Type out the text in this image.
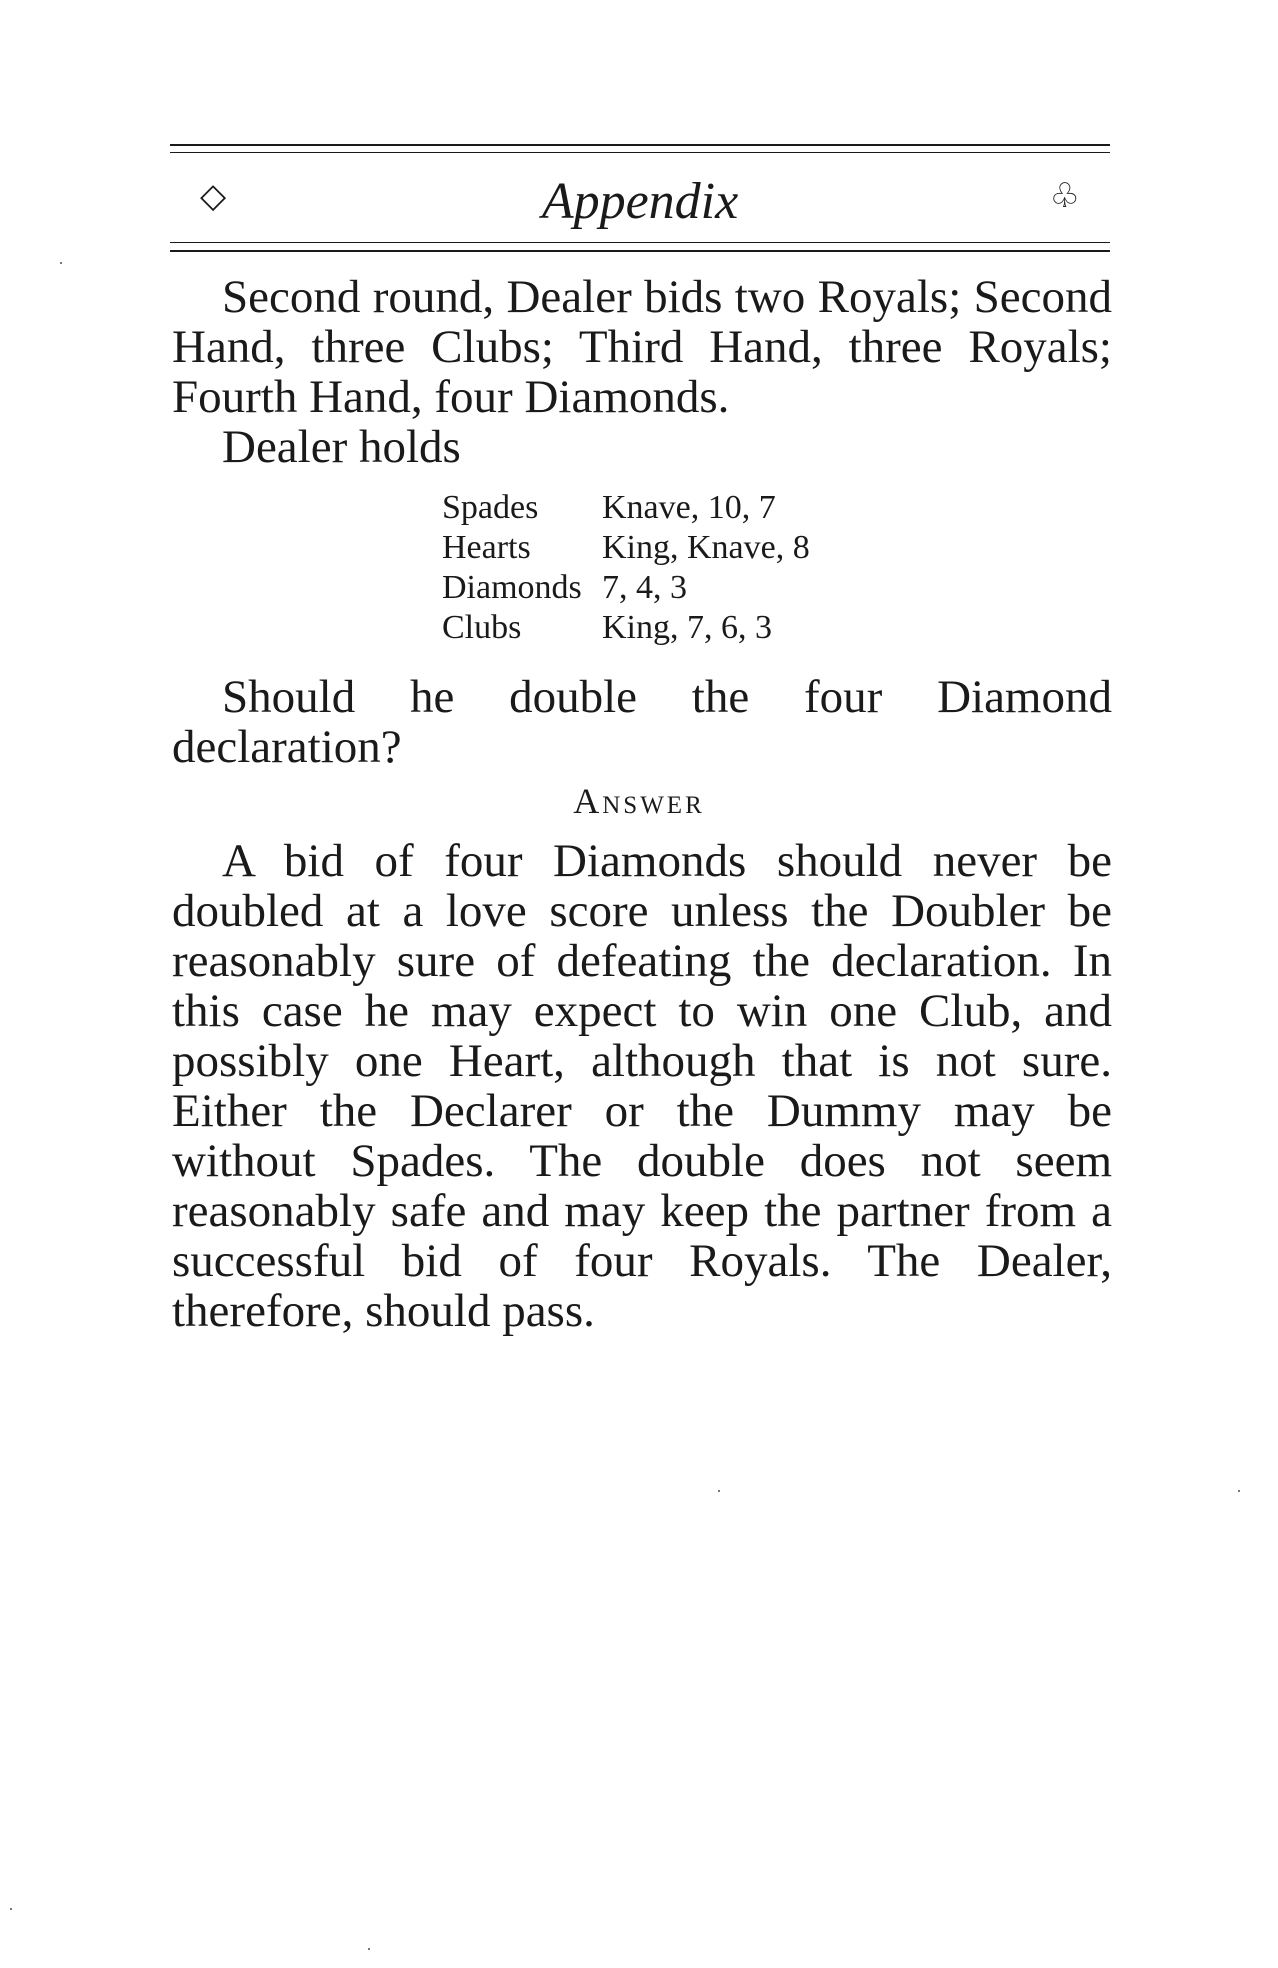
◇	Appendix	♧
Second round, Dealer bids two Royals; Second Hand, three Clubs; Third Hand, three Royals; Fourth Hand, four Diamonds.
Dealer holds
Spades Knave, 10, 7
Hearts King, Knave, 8
Diamonds 7, 4, 3
Clubs King, 7, 6, 3
Should he double the four Diamond declaration?
Answer
A bid of four Diamonds should never be doubled at a love score unless the Doubler be reasonably sure of defeating the declaration. In this case he may expect to win one Club, and possibly one Heart, although that is not sure. Either the Declarer or the Dummy may be without Spades. The double does not seem reasonably safe and may keep the partner from a successful bid of four Royals. The Dealer, therefore, should pass.
